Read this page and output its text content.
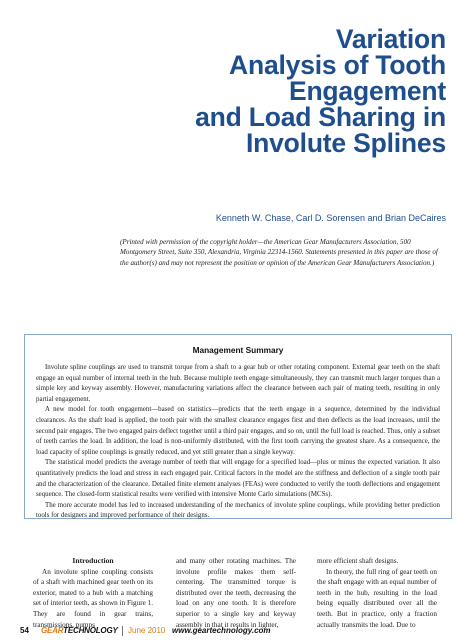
Variation
Analysis of Tooth
Engagement
and Load Sharing in
Involute Splines
Kenneth W. Chase, Carl D. Sorensen and Brian DeCaires
(Printed with permission of the copyright holder—the American Gear Manufacturers Association, 500 Montgomery Street, Suite 350, Alexandria, Virginia 22314-1560. Statements presented in this paper are those of the author(s) and may not represent the position or opinion of the American Gear Manufacturers Association.)
Management Summary

Involute spline couplings are used to transmit torque from a shaft to a gear hub or other rotating component. External gear teeth on the shaft engage an equal number of internal teeth in the hub. Because multiple teeth engage simultaneously, they can transmit much larger torques than a simple key and keyway assembly. However, manufacturing variations affect the clearance between each pair of mating teeth, resulting in only partial engagement.

A new model for tooth engagement—based on statistics—predicts that the teeth engage in a sequence, determined by the individual clearances. As the shaft load is applied, the tooth pair with the smallest clearance engages first and then deflects as the load increases, until the second pair engages. The two engaged pairs deflect together until a third pair engages, and so on, until the full load is reached. Thus, only a subset of teeth carries the load. In addition, the load is non-uniformly distributed, with the first tooth carrying the greatest share. As a consequence, the load capacity of spline couplings is greatly reduced, and yet still greater than a single keyway.

The statistical model predicts the average number of teeth that will engage for a specified load—plus or minus the expected variation. It also quantitatively predicts the load and stress in each engaged pair. Critical factors in the model are the stiffness and deflection of a single tooth pair and the characterization of the clearance. Detailed finite element analyses (FEAs) were conducted to verify the tooth deflections and engagement sequence. The closed-form statistical results were verified with intensive Monte Carlo simulations (MCSs).

The more accurate model has led to increased understanding of the mechanics of involute spline couplings, while providing better prediction tools for designers and improved performance of their designs.

Introduction

An involute spline coupling consists of a shaft with machined gear teeth on its exterior, mated to a hub with a matching set of interior teeth, as shown in Figure 1. They are found in gear trains, transmissions, pumps

and many other rotating machines. The involute profile makes them self-centering. The transmitted torque is distributed over the teeth, decreasing the load on any one tooth. It is therefore superior to a single key and keyway assembly in that it results in lighter,

more efficient shaft designs.

In theory, the full ring of gear teeth on the shaft engage with an equal number of teeth in the hub, resulting in the load being equally distributed over all the teeth. But in practice, only a fraction actually transmits the load. Due to

54 GEARTECHNOLOGY June 2010 www.geartechnology.com
